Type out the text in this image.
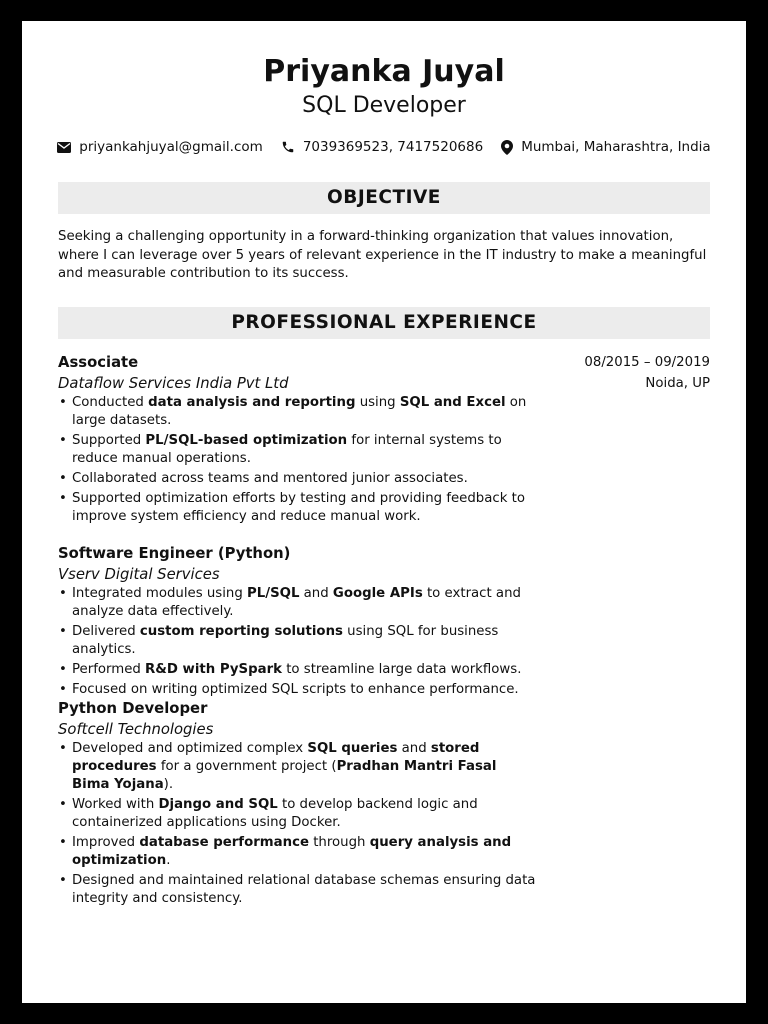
Priyanka Juyal
SQL Developer
priyankahjuyal@gmail.com	7039369523, 7417520686	Mumbai, Maharashtra, India
OBJECTIVE
Seeking a challenging opportunity in a forward-thinking organization that values innovation, where I can leverage over 5 years of relevant experience in the IT industry to make a meaningful and measurable contribution to its success.
PROFESSIONAL EXPERIENCE
Associate
Dataflow Services India Pvt Ltd
08/2015 – 09/2019
Noida, UP
• Conducted data analysis and reporting using SQL and Excel on large datasets.
• Supported PL/SQL-based optimization for internal systems to reduce manual operations.
• Collaborated across teams and mentored junior associates.
• Supported optimization efforts by testing and providing feedback to improve system efficiency and reduce manual work.
Software Engineer (Python)
Vserv Digital Services
• Integrated modules using PL/SQL and Google APIs to extract and analyze data effectively.
• Delivered custom reporting solutions using SQL for business analytics.
• Performed R&D with PySpark to streamline large data workflows.
• Focused on writing optimized SQL scripts to enhance performance.
Python Developer
Softcell Technologies
• Developed and optimized complex SQL queries and stored procedures for a government project (Pradhan Mantri Fasal Bima Yojana).
• Worked with Django and SQL to develop backend logic and containerized applications using Docker.
• Improved database performance through query analysis and optimization.
• Designed and maintained relational database schemas ensuring data integrity and consistency.
